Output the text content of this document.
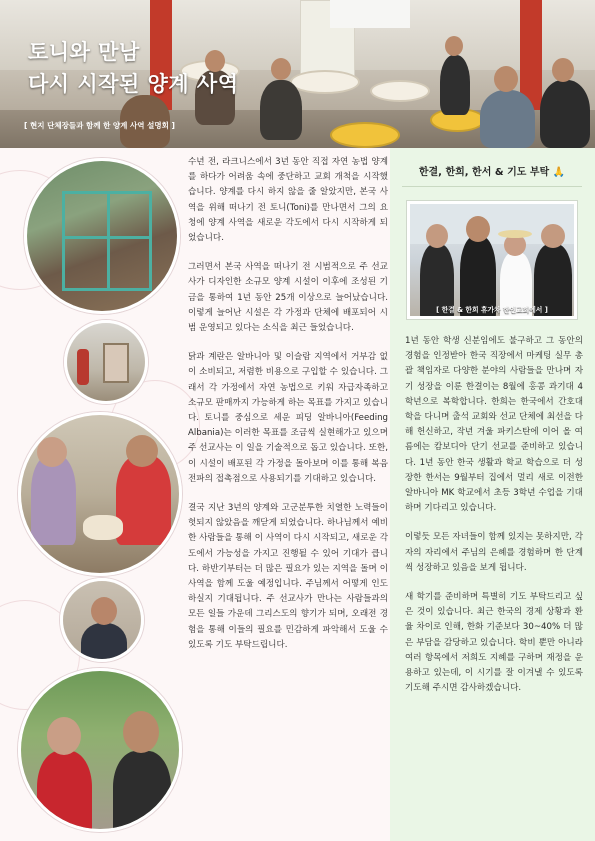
토니와 만남
다시 시작된 양계 사역
[ 현지 단체장들과 함께 한 양계 사역 설명회 ]

수년 전, 라크니스에서 3년 동안 직접 자연 농법 양계를 하다가 어려움 속에 중단하고 교회 개척을 시작했습니다. 양계를 다시 하지 않을 줄 알았지만, 본국 사역을 위해 떠나기 전 토니(Toni)를 만나면서 그의 요청에 양계 사역을 새로운 각도에서 다시 시작하게 되었습니다.

그러면서 본국 사역을 떠나기 전 시범적으로 주 선교사가 디자인한 소규모 양계 시설이 이후에 조성된 기금을 통하여 1년 동안 25개 이상으로 늘어났습니다. 이렇게 늘어난 시설은 각 가정과 단체에 배포되어 시범 운영되고 있다는 소식을 최근 들었습니다.

닭과 계란은 알바니아 및 이슬람 지역에서 거부감 없이 소비되고, 저렴한 비용으로 구입할 수 있습니다. 그래서 각 가정에서 자연 농법으로 키워 자급자족하고 소규모 판매까지 가능하게 하는 목표를 가지고 있습니다. 토니를 중심으로 세운 피딩 알바니아(Feeding Albania)는 이러한 목표를 조금씩 실현해가고 있으며 주 선교사는 이 일을 기술적으로 돕고 있습니다. 또한, 이 시설이 배포된 각 가정을 돌아보며 이를 통해 복음 전파의 접촉점으로 사용되기를 기대하고 있습니다.

결국 지난 3년의 양계와 고군분투한 치열한 노력들이 헛되지 않았음을 깨닫게 되었습니다. 하나님께서 예비한 사람들을 통해 이 사역이 다시 시작되고, 새로운 각도에서 가능성을 가지고 진행될 수 있어 기대가 큽니다. 하반기부터는 더 많은 필요가 있는 지역을 돌며 이 사역을 함께 도울 예정입니다. 주님께서 어떻게 인도하실지 기대됩니다. 주 선교사가 만나는 사람들과의 모든 일들 가운데 그리스도의 향기가 되며, 오래전 경험을 통해 이들의 필요를 민감하게 파악해서 도울 수 있도록 기도 부탁드립니다.

한결, 한희, 한서 & 기도 부탁 🙏
[ 한결 & 한희 휴가차 한인교회에서 ]

1년 동안 학생 신분임에도 불구하고 그 동안의 경험을 인정받아 한국 직장에서 마케팅 실무 총괄 책임자로 다양한 분야의 사람들을 만나며 자기 성장을 이룬 한결이는 8월에 홍콩 과기대 4학년으로 복학합니다. 한희는 한국에서 간호대학을 다니며 출석 교회와 선교 단체에 최선을 다해 헌신하고, 작년 겨울 파키스탄에 이어 올 여름에는 캄보디아 단기 선교를 준비하고 있습니다. 1년 동안 한국 생활과 학교 학습으로 더 성장한 한서는 9월부터 집에서 멀리 새로 이전한 알바니아 MK 학교에서 초등 3학년 수업을 기대하며 기다리고 있습니다.

이렇듯 모든 자녀들이 함께 있지는 못하지만, 각자의 자리에서 주님의 은혜를 경험하며 한 단계씩 성장하고 있음을 보게 됩니다.

새 학기를 준비하며 특별히 기도 부탁드리고 싶은 것이 있습니다. 최근 한국의 경제 상황과 환율 차이로 인해, 한화 기준보다 30~40% 더 많은 부담을 감당하고 있습니다. 학비 뿐만 아니라 여러 항목에서 저희도 지혜를 구하며 재정을 운용하고 있는데, 이 시기를 잘 이겨낼 수 있도록 기도해 주시면 감사하겠습니다.
